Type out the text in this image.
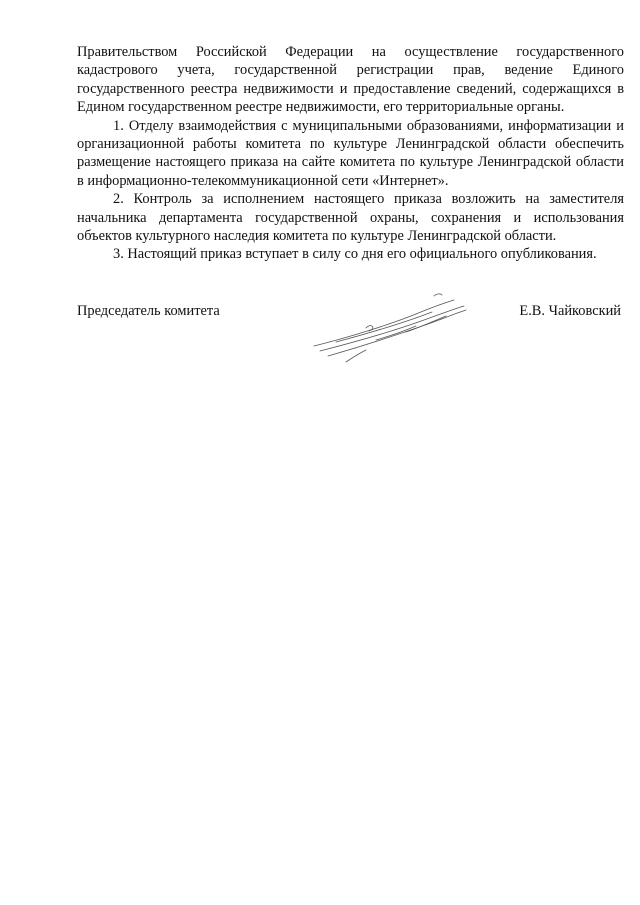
Правительством Российской Федерации на осуществление государственного кадастрового учета, государственной регистрации прав, ведение Единого государственного реестра недвижимости и предоставление сведений, содержащихся в Едином государственном реестре недвижимости, его территориальные органы.

1. Отделу взаимодействия с муниципальными образованиями, информатизации и организационной работы комитета по культуре Ленинградской области обеспечить размещение настоящего приказа на сайте комитета по культуре Ленинградской области в информационно-телекоммуникационной сети «Интернет».

2. Контроль за исполнением настоящего приказа возложить на заместителя начальника департамента государственной охраны, сохранения и использования объектов культурного наследия комитета по культуре Ленинградской области.

3. Настоящий приказ вступает в силу со дня его официального опубликования.

Председатель комитета	Е.В. Чайковский
